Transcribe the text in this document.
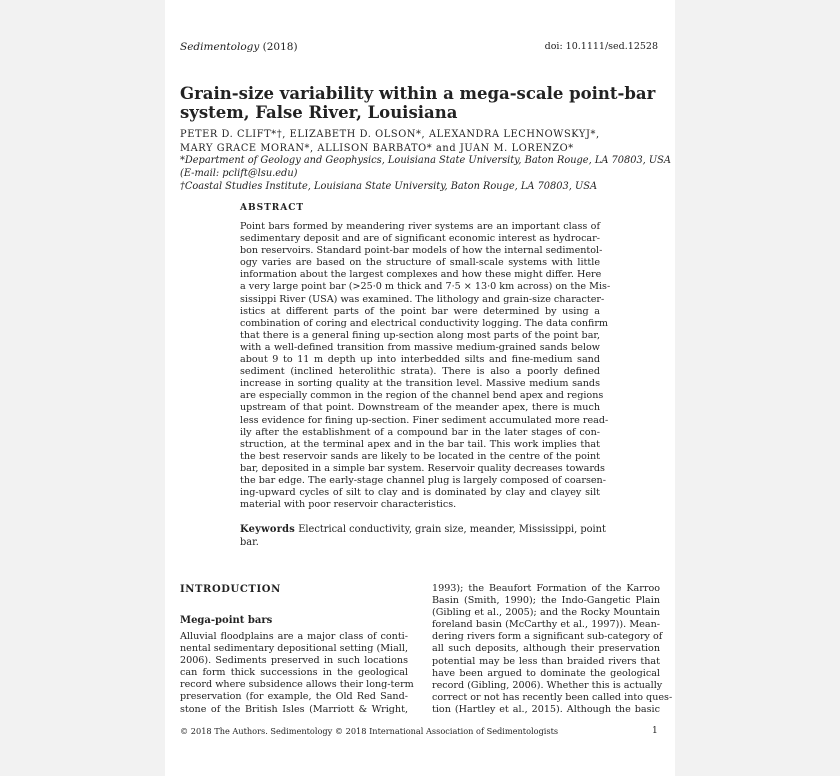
Sedimentology (2018)	doi: 10.1111/sed.12528
Grain-size variability within a mega-scale point-bar system, False River, Louisiana
PETER D. CLIFT*†, ELIZABETH D. OLSON*, ALEXANDRA LECHNOWSKYJ*,
MARY GRACE MORAN*, ALLISON BARBATO* and JUAN M. LORENZO*
*Department of Geology and Geophysics, Louisiana State University, Baton Rouge, LA 70803, USA
(E-mail: pclift@lsu.edu)
†Coastal Studies Institute, Louisiana State University, Baton Rouge, LA 70803, USA
ABSTRACT
Point bars formed by meandering river systems are an important class of
sedimentary deposit and are of significant economic interest as hydrocar-
bon reservoirs. Standard point-bar models of how the internal sedimentol-
ogy varies are based on the structure of small-scale systems with little
information about the largest complexes and how these might differ. Here
a very large point bar (>25·0 m thick and 7·5 × 13·0 km across) on the Mis-
sissippi River (USA) was examined. The lithology and grain-size character-
istics at different parts of the point bar were determined by using a
combination of coring and electrical conductivity logging. The data confirm
that there is a general fining up-section along most parts of the point bar,
with a well-defined transition from massive medium-grained sands below
about 9 to 11 m depth up into interbedded silts and fine-medium sand
sediment (inclined heterolithic strata). There is also a poorly defined
increase in sorting quality at the transition level. Massive medium sands
are especially common in the region of the channel bend apex and regions
upstream of that point. Downstream of the meander apex, there is much
less evidence for fining up-section. Finer sediment accumulated more read-
ily after the establishment of a compound bar in the later stages of con-
struction, at the terminal apex and in the bar tail. This work implies that
the best reservoir sands are likely to be located in the centre of the point
bar, deposited in a simple bar system. Reservoir quality decreases towards
the bar edge. The early-stage channel plug is largely composed of coarsen-
ing-upward cycles of silt to clay and is dominated by clay and clayey silt
material with poor reservoir characteristics.
Keywords Electrical conductivity, grain size, meander, Mississippi, point
bar.
INTRODUCTION
Mega-point bars
Alluvial floodplains are a major class of conti-
nental sedimentary depositional setting (Miall,
2006). Sediments preserved in such locations
can form thick successions in the geological
record where subsidence allows their long-term
preservation (for example, the Old Red Sand-
stone of the British Isles (Marriott & Wright,
1993); the Beaufort Formation of the Karroo
Basin (Smith, 1990); the Indo-Gangetic Plain
(Gibling et al., 2005); and the Rocky Mountain
foreland basin (McCarthy et al., 1997)). Mean-
dering rivers form a significant sub-category of
all such deposits, although their preservation
potential may be less than braided rivers that
have been argued to dominate the geological
record (Gibling, 2006). Whether this is actually
correct or not has recently been called into ques-
tion (Hartley et al., 2015). Although the basic
© 2018 The Authors. Sedimentology © 2018 International Association of Sedimentologists	1
